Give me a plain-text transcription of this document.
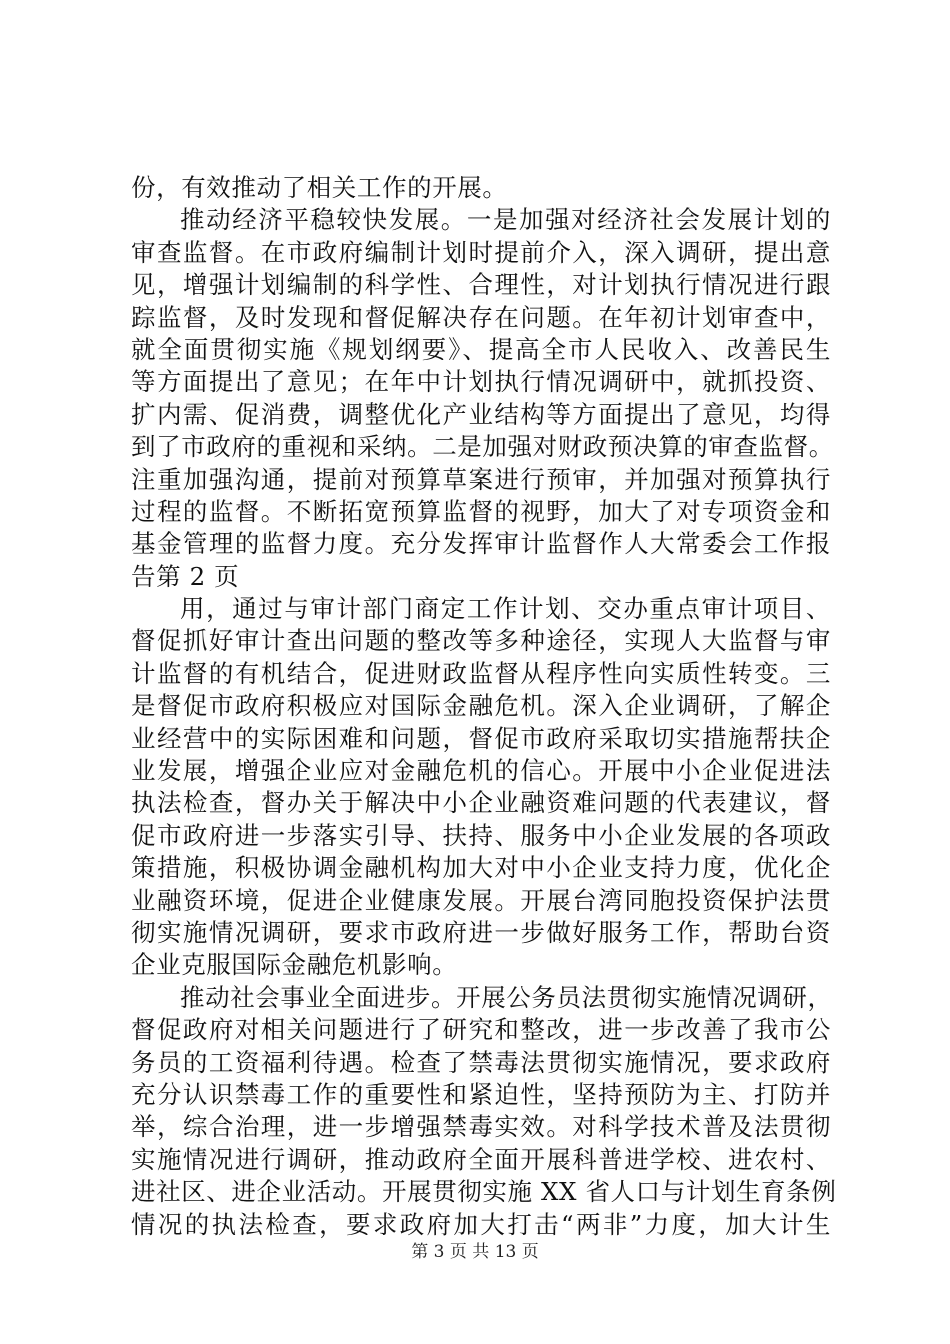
份，有效推动了相关工作的开展。
推动经济平稳较快发展。一是加强对经济社会发展计划的
审查监督。在市政府编制计划时提前介入，深入调研，提出意
见，增强计划编制的科学性、合理性，对计划执行情况进行跟
踪监督，及时发现和督促解决存在问题。在年初计划审查中，
就全面贯彻实施《规划纲要》、提高全市人民收入、改善民生
等方面提出了意见；在年中计划执行情况调研中，就抓投资、
扩内需、促消费，调整优化产业结构等方面提出了意见，均得
到了市政府的重视和采纳。二是加强对财政预决算的审查监督。
注重加强沟通，提前对预算草案进行预审，并加强对预算执行
过程的监督。不断拓宽预算监督的视野，加大了对专项资金和
基金管理的监督力度。充分发挥审计监督作人大常委会工作报
告第 2 页
用，通过与审计部门商定工作计划、交办重点审计项目、
督促抓好审计查出问题的整改等多种途径，实现人大监督与审
计监督的有机结合，促进财政监督从程序性向实质性转变。三
是督促市政府积极应对国际金融危机。深入企业调研，了解企
业经营中的实际困难和问题，督促市政府采取切实措施帮扶企
业发展，增强企业应对金融危机的信心。开展中小企业促进法
执法检查，督办关于解决中小企业融资难问题的代表建议，督
促市政府进一步落实引导、扶持、服务中小企业发展的各项政
策措施，积极协调金融机构加大对中小企业支持力度，优化企
业融资环境，促进企业健康发展。开展台湾同胞投资保护法贯
彻实施情况调研，要求市政府进一步做好服务工作，帮助台资
企业克服国际金融危机影响。
推动社会事业全面进步。开展公务员法贯彻实施情况调研，
督促政府对相关问题进行了研究和整改，进一步改善了我市公
务员的工资福利待遇。检查了禁毒法贯彻实施情况，要求政府
充分认识禁毒工作的重要性和紧迫性，坚持预防为主、打防并
举，综合治理，进一步增强禁毒实效。对科学技术普及法贯彻
实施情况进行调研，推动政府全面开展科普进学校、进农村、
进社区、进企业活动。开展贯彻实施 XX 省人口与计划生育条例
情况的执法检查，要求政府加大打击“两非”力度，加大计生
第 3 页 共 13 页
